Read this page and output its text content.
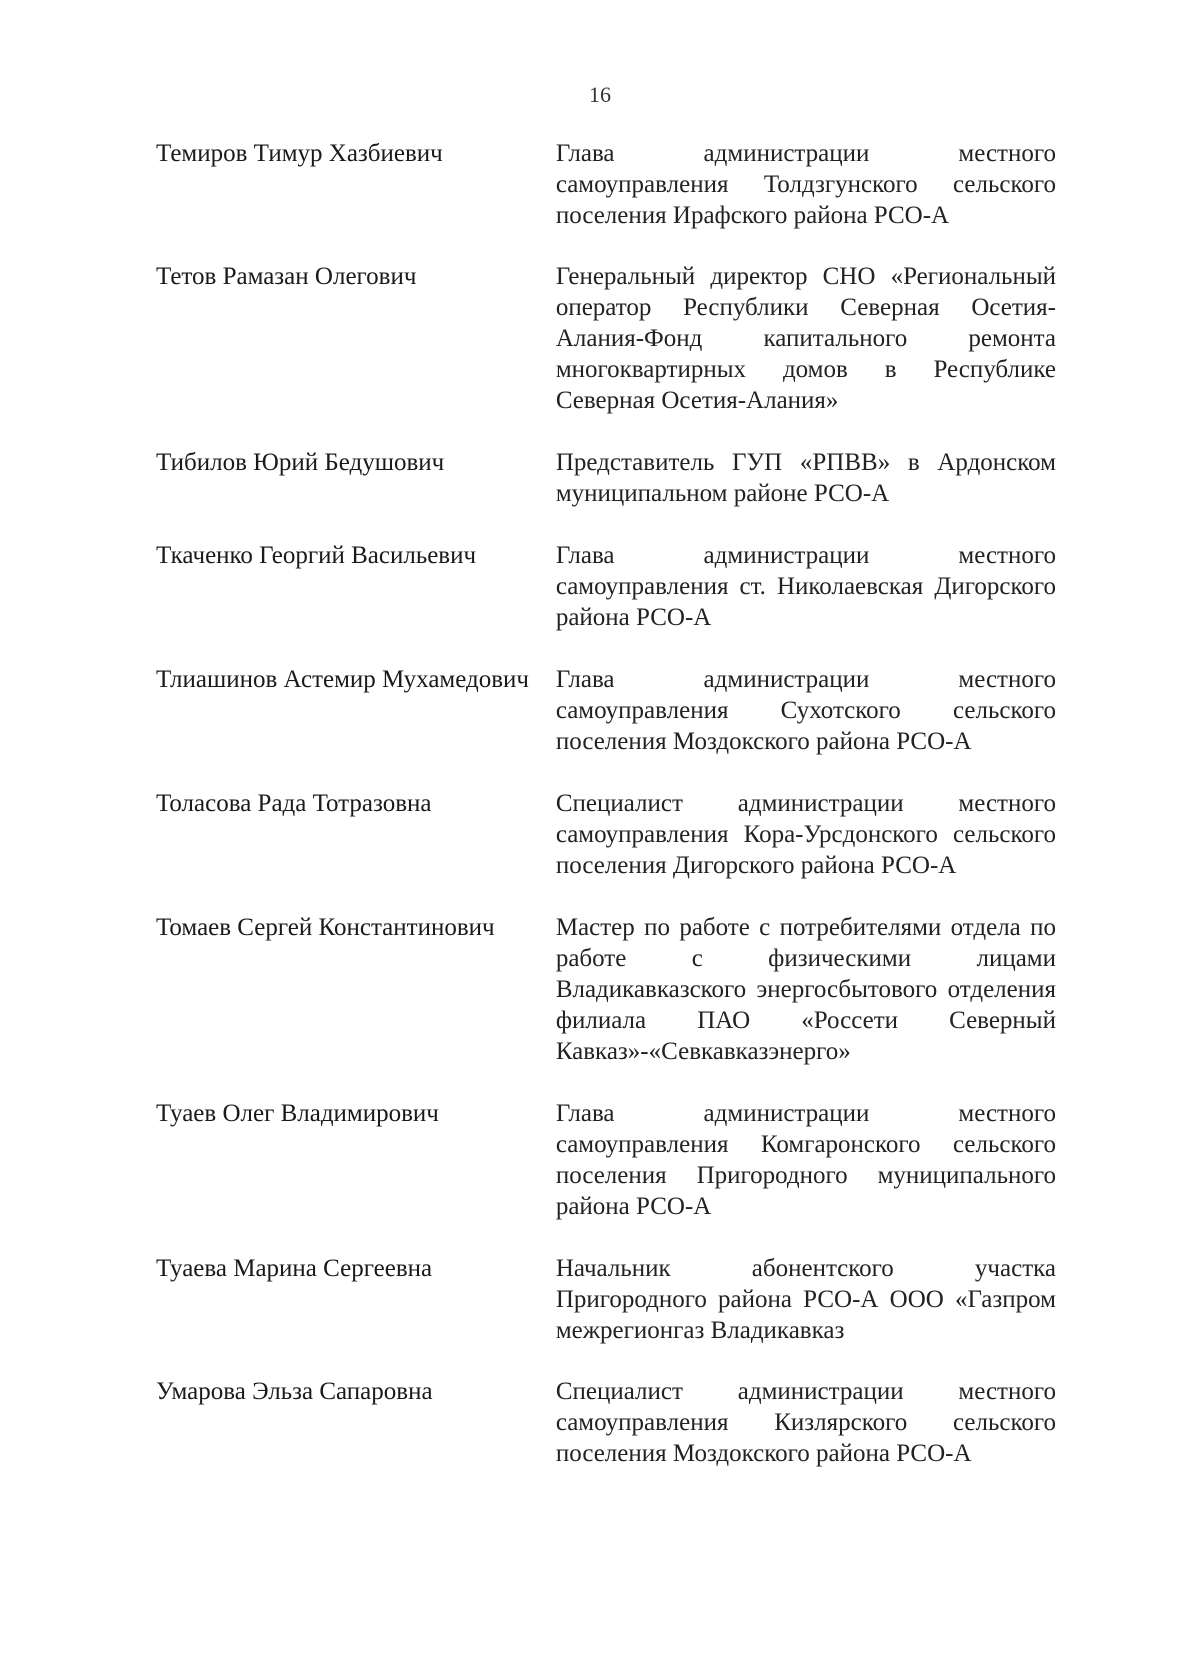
16
Темиров Тимур Хазбиевич	Глава администрации местного самоуправления Толдзгунского сельского поселения Ирафского района РСО-А
Тетов Рамазан Олегович	Генеральный директор СНО «Региональный оператор Республики Северная Осетия-Алания-Фонд капитального ремонта многоквартирных домов в Республике Северная Осетия-Алания»
Тибилов Юрий Бедушович	Представитель ГУП «РПВВ» в Ардонском муниципальном районе РСО-А
Ткаченко Георгий Васильевич	Глава администрации местного самоуправления ст. Николаевская Дигорского района РСО-А
Тлиашинов Астемир Мухамедович	Глава администрации местного самоуправления Сухотского сельского поселения Моздокского района РСО-А
Толасова Рада Тотразовна	Специалист администрации местного самоуправления Кора-Урсдонского сельского поселения Дигорского района РСО-А
Томаев Сергей Константинович	Мастер по работе с потребителями отдела по работе с физическими лицами Владикавказского энергосбытового отделения филиала ПАО «Россети Северный Кавказ»-«Севкавказэнерго»
Туаев Олег Владимирович	Глава администрации местного самоуправления Комгаронского сельского поселения Пригородного муниципального района РСО-А
Туаева Марина Сергеевна	Начальник абонентского участка Пригородного района РСО-А ООО «Газпром межрегионгаз Владикавказ
Умарова Эльза Сапаровна	Специалист администрации местного самоуправления Кизлярского сельского поселения Моздокского района РСО-А
